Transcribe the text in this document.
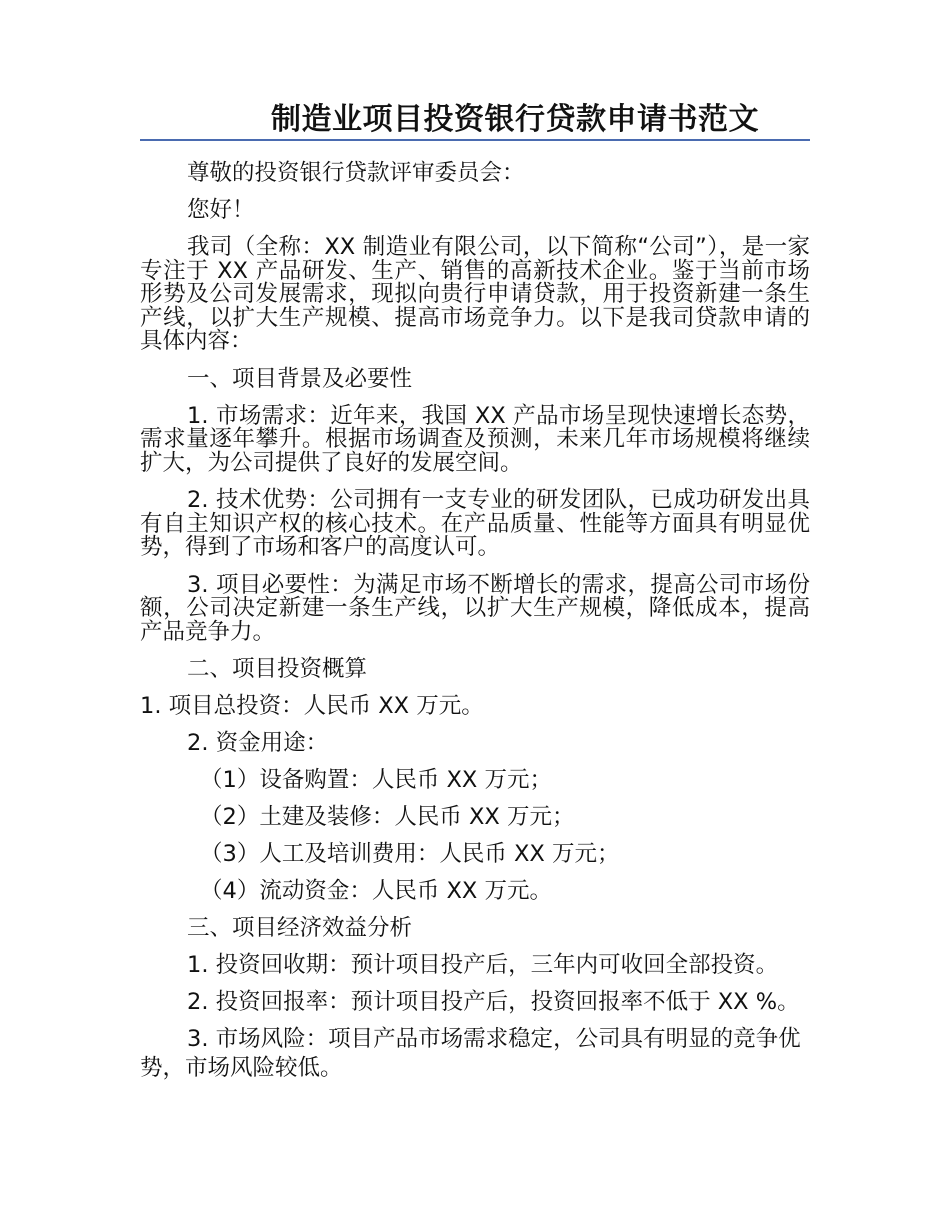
制造业项目投资银行贷款申请书范文

尊敬的投资银行贷款评审委员会：

您好！

我司（全称：XX 制造业有限公司，以下简称“公司”），是一家专注于 XX 产品研发、生产、销售的高新技术企业。鉴于当前市场形势及公司发展需求，现拟向贵行申请贷款，用于投资新建一条生产线，以扩大生产规模、提高市场竞争力。以下是我司贷款申请的具体内容：

一、项目背景及必要性

1. 市场需求：近年来，我国 XX 产品市场呈现快速增长态势，需求量逐年攀升。根据市场调查及预测，未来几年市场规模将继续扩大，为公司提供了良好的发展空间。

2. 技术优势：公司拥有一支专业的研发团队，已成功研发出具有自主知识产权的核心技术。在产品质量、性能等方面具有明显优势，得到了市场和客户的高度认可。

3. 项目必要性：为满足市场不断增长的需求，提高公司市场份额，公司决定新建一条生产线，以扩大生产规模，降低成本，提高产品竞争力。

二、项目投资概算

1. 项目总投资：人民币 XX 万元。

2. 资金用途：

（1）设备购置：人民币 XX 万元；

（2）土建及装修：人民币 XX 万元；

（3）人工及培训费用：人民币 XX 万元；

（4）流动资金：人民币 XX 万元。

三、项目经济效益分析

1. 投资回收期：预计项目投产后，三年内可收回全部投资。

2. 投资回报率：预计项目投产后，投资回报率不低于 XX %。

3. 市场风险：项目产品市场需求稳定，公司具有明显的竞争优势，市场风险较低。
